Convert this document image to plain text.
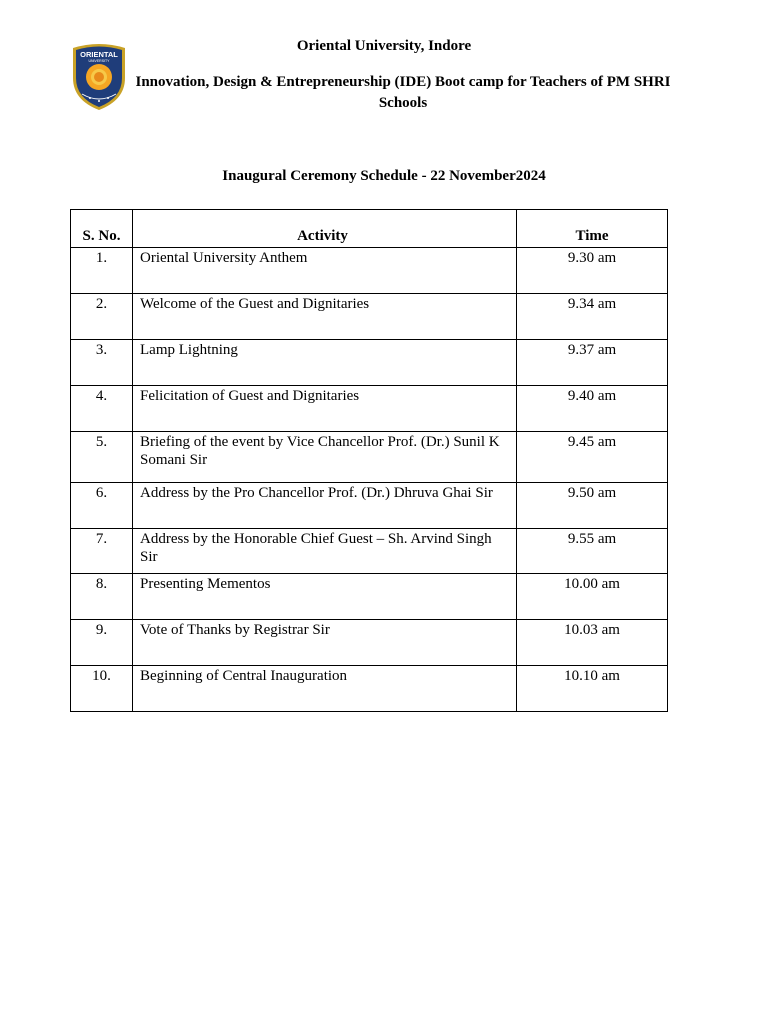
ORIENTAL
UNIVERSITY
Oriental University, Indore
Innovation, Design & Entrepreneurship (IDE) Boot camp for Teachers of PM SHRI Schools
Inaugural Ceremony Schedule - 22 November2024
S. No.	Activity	Time
1.	Oriental University Anthem	9.30 am
2.	Welcome of the Guest and Dignitaries	9.34 am
3.	Lamp Lightning	9.37 am
4.	Felicitation of Guest and Dignitaries	9.40 am
5.	Briefing of the event by Vice Chancellor Prof. (Dr.) Sunil K Somani Sir	9.45 am
6.	Address by the Pro Chancellor Prof. (Dr.) Dhruva Ghai Sir	9.50 am
7.	Address by the Honorable Chief Guest – Sh. Arvind Singh Sir	9.55 am
8.	Presenting Mementos	10.00 am
9.	Vote of Thanks by Registrar Sir	10.03 am
10.	Beginning of Central Inauguration	10.10 am
